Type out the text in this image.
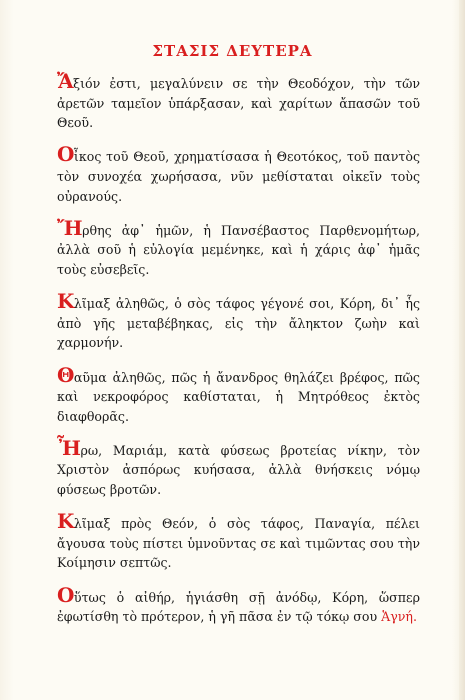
ΣΤΑΣΙΣ ΔΕΥΤΕΡΑ

Ἄξιόν ἐστι, μεγαλύνειν σε τὴν Θεοδόχον, τὴν τῶν ἀρετῶν ταμεῖον ὑπάρξασαν, καὶ χαρίτων ἄπασῶν τοῦ Θεοῦ.

Οἶκος τοῦ Θεοῦ, χρηματίσασα ἡ Θεοτόκος, τοῦ παντὸς τὸν συνοχέα χωρήσασα, νῦν μεθίσταται οἰκεῖν τοὺς οὐρανούς.

Ἤρθης ἀφ᾽ ἡμῶν, ἡ Πανσέβαστος Παρθενομήτωρ, ἀλλὰ σοῦ ἡ εὐλογία μεμένηκε, καὶ ἡ χάρις ἀφ᾽ ἡμᾶς τοὺς εὐσεβεῖς.

Κλῖμαξ ἀληθῶς, ὁ σὸς τάφος γέγονέ σοι, Κόρη, δι᾽ ἧς ἀπὸ γῆς μεταβέβηκας, εἰς τὴν ἄληκτον ζωὴν καὶ χαρμονήν.

Θαῦμα ἀληθῶς, πῶς ἡ ἄνανδρος θηλάζει βρέφος, πῶς καὶ νεκροφόρος καθίσταται, ἡ Μητρόθεος ἐκτὸς διαφθορᾶς.

Ἦρω, Μαριάμ, κατὰ φύσεως βροτείας νίκην, τὸν Χριστὸν ἀσπόρως κυήσασα, ἀλλὰ θνήσκεις νόμῳ φύσεως βροτῶν.

Κλῖμαξ πρὸς Θεόν, ὁ σὸς τάφος, Παναγία, πέλει ἄγουσα τοὺς πίστει ὑμνοῦντας σε καὶ τιμῶντας σου τὴν Κοίμησιν σεπτῶς.

Οὕτως ὁ αἰθήρ, ἡγιάσθη σῇ ἀνόδῳ, Κόρη, ὥσπερ ἐφωτίσθη τὸ πρότερον, ἡ γῆ πᾶσα ἐν τῷ τόκῳ σου Ἁγνή.
